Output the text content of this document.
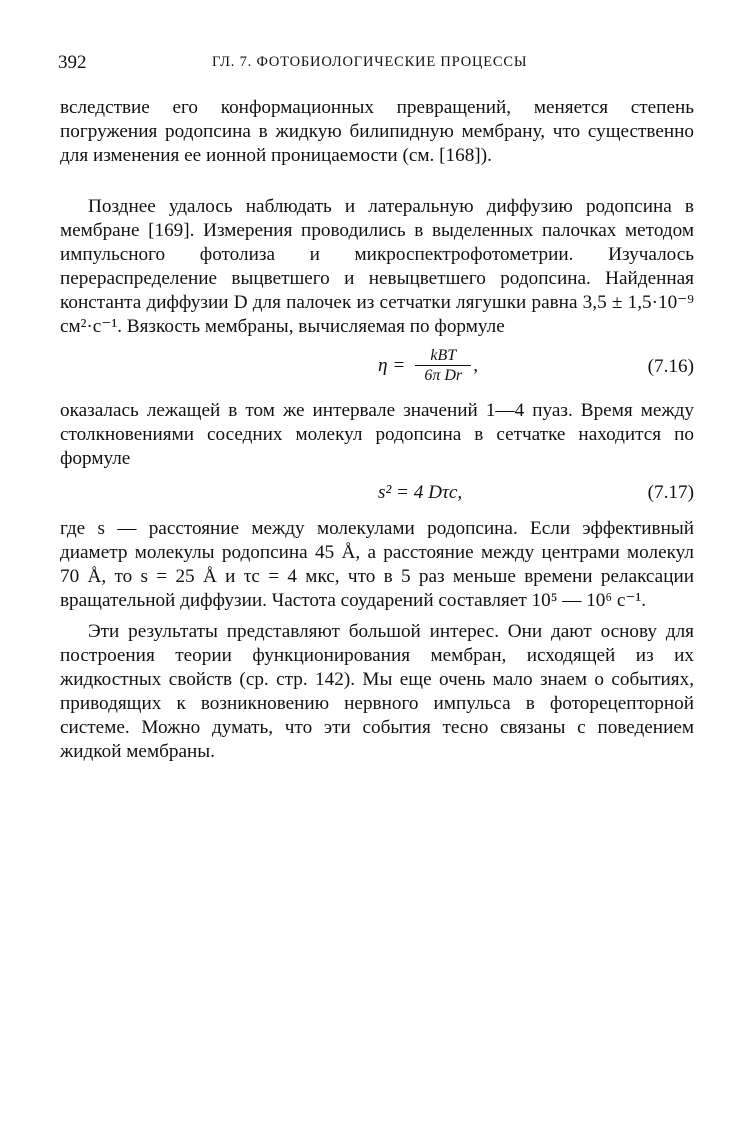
392	ГЛ. 7. ФОТОБИОЛОГИЧЕСКИЕ ПРОЦЕССЫ

вследствие его конформационных превращений, меняется степень погружения родопсина в жидкую билипидную мембрану, что существенно для изменения ее ионной проницаемости (см. [168]).

Позднее удалось наблюдать и латеральную диффузию родопсина в мембране [169]. Измерения проводились в выделенных палочках методом импульсного фотолиза и микроспектрофотометрии. Изучалось перераспределение выцветшего и невыцветшего родопсина. Найденная константа диффузии D для палочек из сетчатки лягушки равна 3,5 ± 1,5·10⁻⁹ см²·с⁻¹. Вязкость мембраны, вычисляемая по формуле

$\eta = \frac{\text{kBT}}{\text{6π Dr}}$ ,	(7.16)

оказалась лежащей в том же интервале значений 1—4 пуаз. Время между столкновениями соседних молекул родопсина в сетчатке находится по формуле

s² = 4 Dτc,	(7.17)

где s — расстояние между молекулами родопсина. Если эффективный диаметр молекулы родопсина 45 Å, а расстояние между центрами молекул 70 Å, то s = 25 Å и τc = 4 мкс, что в 5 раз меньше времени релаксации вращательной диффузии. Частота соударений составляет 10⁵ — 10⁶ с⁻¹.

Эти результаты представляют большой интерес. Они дают основу для построения теории функционирования мембран, исходящей из их жидкостных свойств (ср. стр. 142). Мы еще очень мало знаем о событиях, приводящих к возникновению нервного импульса в фоторецепторной системе. Можно думать, что эти события тесно связаны с поведением жидкой мембраны.
